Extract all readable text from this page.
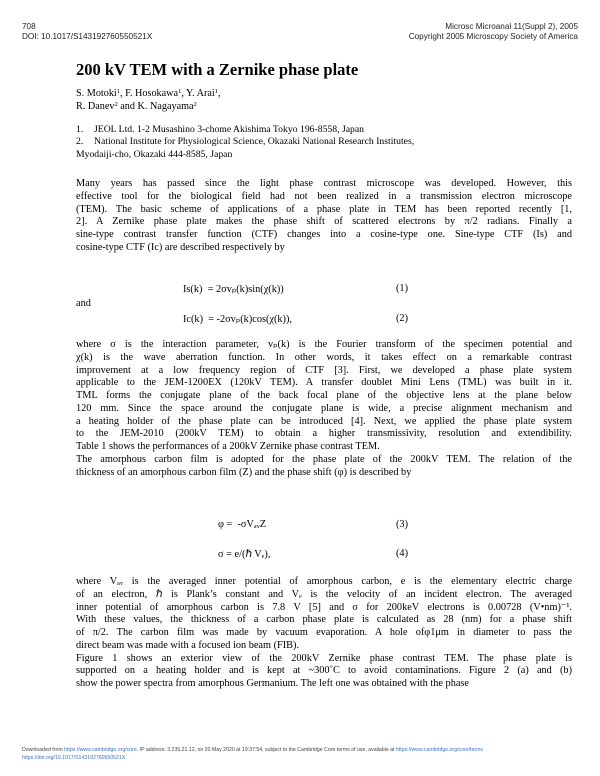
708
DOI: 10.1017/S143192760550521X
Microsc Microanal 11(Suppl 2), 2005
Copyright 2005 Microscopy Society of America
200 kV TEM with a Zernike phase plate
S. Motoki$^1$, F. Hosokawa$^1$, Y. Arai$^1$,
R. Danev$^2$ and K. Nagayama$^2$
1. JEOL Ltd. 1-2 Musashino 3-chome Akishima Tokyo 196-8558, Japan
2. National Institute for Physiological Science, Okazaki National Research Institutes,
Myodaiji-cho, Okazaki 444-8585, Japan
Many years has passed since the light phase contrast microscope was developed. However, this
effective tool for the biological field had not been realized in a transmission electron microscope
(TEM). The basic scheme of applications of a phase plate in TEM has been reported recently [1,
2]. A Zernike phase plate makes the phase shift of scattered electrons by π/2 radians. Finally a
sine-type contrast transfer function (CTF) changes into a cosine-type one. Sine-type CTF (Is) and
cosine-type CTF (Ic) are described respectively by
Is(k) = 2σvₚ(k)sin(χ(k))	(1)
and
Ic(k) = -2σvₚ(k)cos(χ(k)),	(2)
where σ is the interaction parameter, vₚ(k) is the Fourier transform of the specimen potential and
χ(k) is the wave aberration function. In other words, it takes effect on a remarkable contrast
improvement at a low frequency region of CTF [3]. First, we developed a phase plate system
applicable to the JEM-1200EX (120kV TEM). A transfer doublet Mini Lens (TML) was built in it.
TML forms the conjugate plane of the back focal plane of the objective lens at the plane below
120 mm. Since the space around the conjugate plane is wide, a precise alignment mechanism and
a heating holder of the phase plate can be introduced [4]. Next, we applied the phase plate system
to the JEM-2010 (200kV TEM) to obtain a higher transmissivity, resolution and extendibility.
Table 1 shows the performances of a 200kV Zernike phase contrast TEM.
The amorphous carbon film is adopted for the phase plate of the 200kV TEM. The relation of the
thickness of an amorphous carbon film (Z) and the phase shift (φ) is described by
φ = -σVₐᵥZ	(3)
σ = e/(ℏ Vₑ),	(4)
where Vₐᵥ is the averaged inner potential of amorphous carbon, e is the elementary electric charge
of an electron, ℏ is Plank’s constant and Vₑ is the velocity of an incident electron. The averaged
inner potential of amorphous carbon is 7.8 V [5] and σ for 200keV electrons is 0.00728 (V•nm)⁻¹.
With these values, the thickness of a carbon phase plate is calculated as 28 (nm) for a phase shift
of π/2. The carbon film was made by vacuum evaporation. A hole ofφ1μm in diameter to pass the
direct beam was made with a focused ion beam (FIB).
Figure 1 shows an exterior view of the 200kV Zernike phase contrast TEM. The phase plate is
supported on a heating holder and is kept at ~300˚C to avoid contaminations. Figure 2 (a) and (b)
show the power spectra from amorphous Germanium. The left one was obtained with the phase
Downloaded from https://www.cambridge.org/core. IP address: 3.235.21.12, on 20 May 2020 at 19:37:54, subject to the Cambridge Core terms of use, available at https://www.cambridge.org/core/terms
https://doi.org/10.1017/S143192760550521X
